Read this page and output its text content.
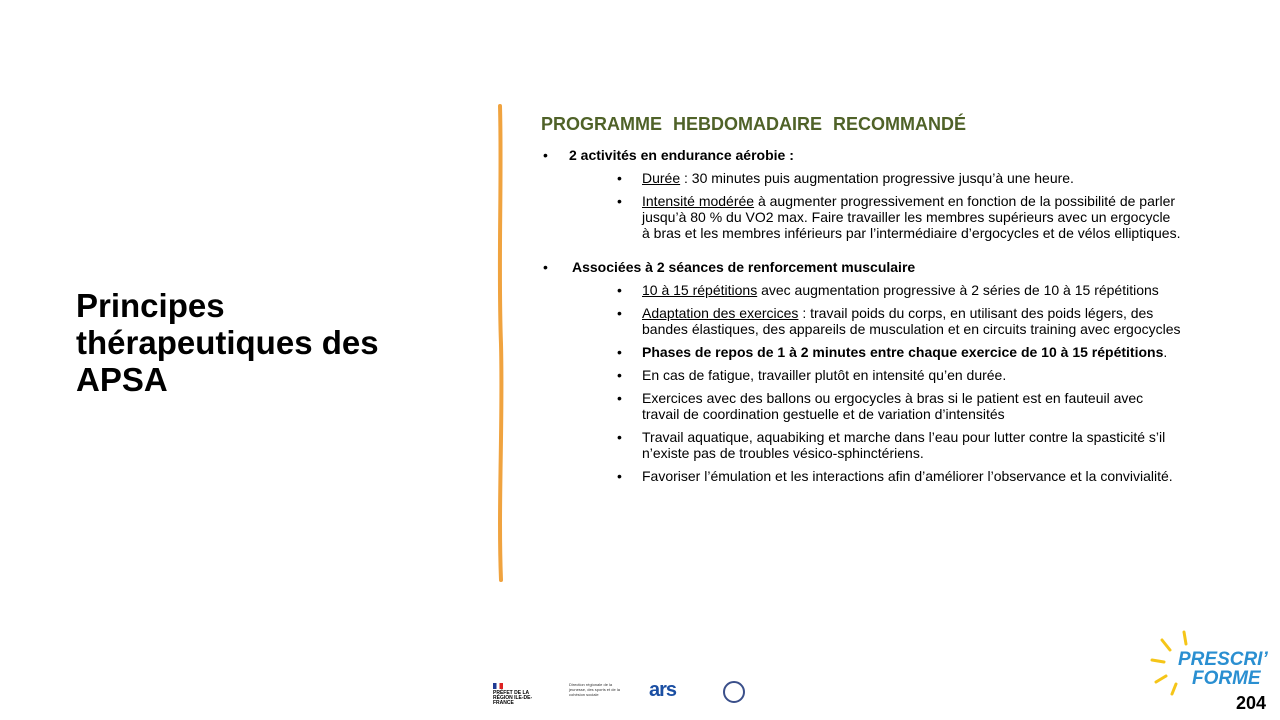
Principes thérapeutiques des APSA
PROGRAMME HEBDOMADAIRE RECOMMANDÉ
• 2 activités en endurance aérobie :
• Durée : 30 minutes puis augmentation progressive jusqu’à une heure.
• Intensité modérée à augmenter progressivement en fonction de la possibilité de parler jusqu’à 80 % du VO2 max. Faire travailler les membres supérieurs avec un ergocycle à bras et les membres inférieurs par l’intermédiaire d’ergocycles et de vélos elliptiques.
• Associées à 2 séances de renforcement musculaire
• 10 à 15 répétitions avec augmentation progressive à 2 séries de 10 à 15 répétitions
• Adaptation des exercices : travail poids du corps, en utilisant des poids légers, des bandes élastiques, des appareils de musculation et en circuits training avec ergocycles
• Phases de repos de 1 à 2 minutes entre chaque exercice de 10 à 15 répétitions.
• En cas de fatigue, travailler plutôt en intensité qu’en durée.
• Exercices avec des ballons ou ergocycles à bras si le patient est en fauteuil avec travail de coordination gestuelle et de variation d’intensités
• Travail aquatique, aquabiking et marche dans l’eau pour lutter contre la spasticité s’il n’existe pas de troubles vésico-sphinctériens.
• Favoriser l’émulation et les interactions afin d’améliorer l’observance et la convivialité.
PRÉFET DE LA RÉGION ILE-DE-FRANCE
Direction régionale de la jeunesse, des sports et de la cohésion sociale	ars
PRESCRI’
FORME
204
